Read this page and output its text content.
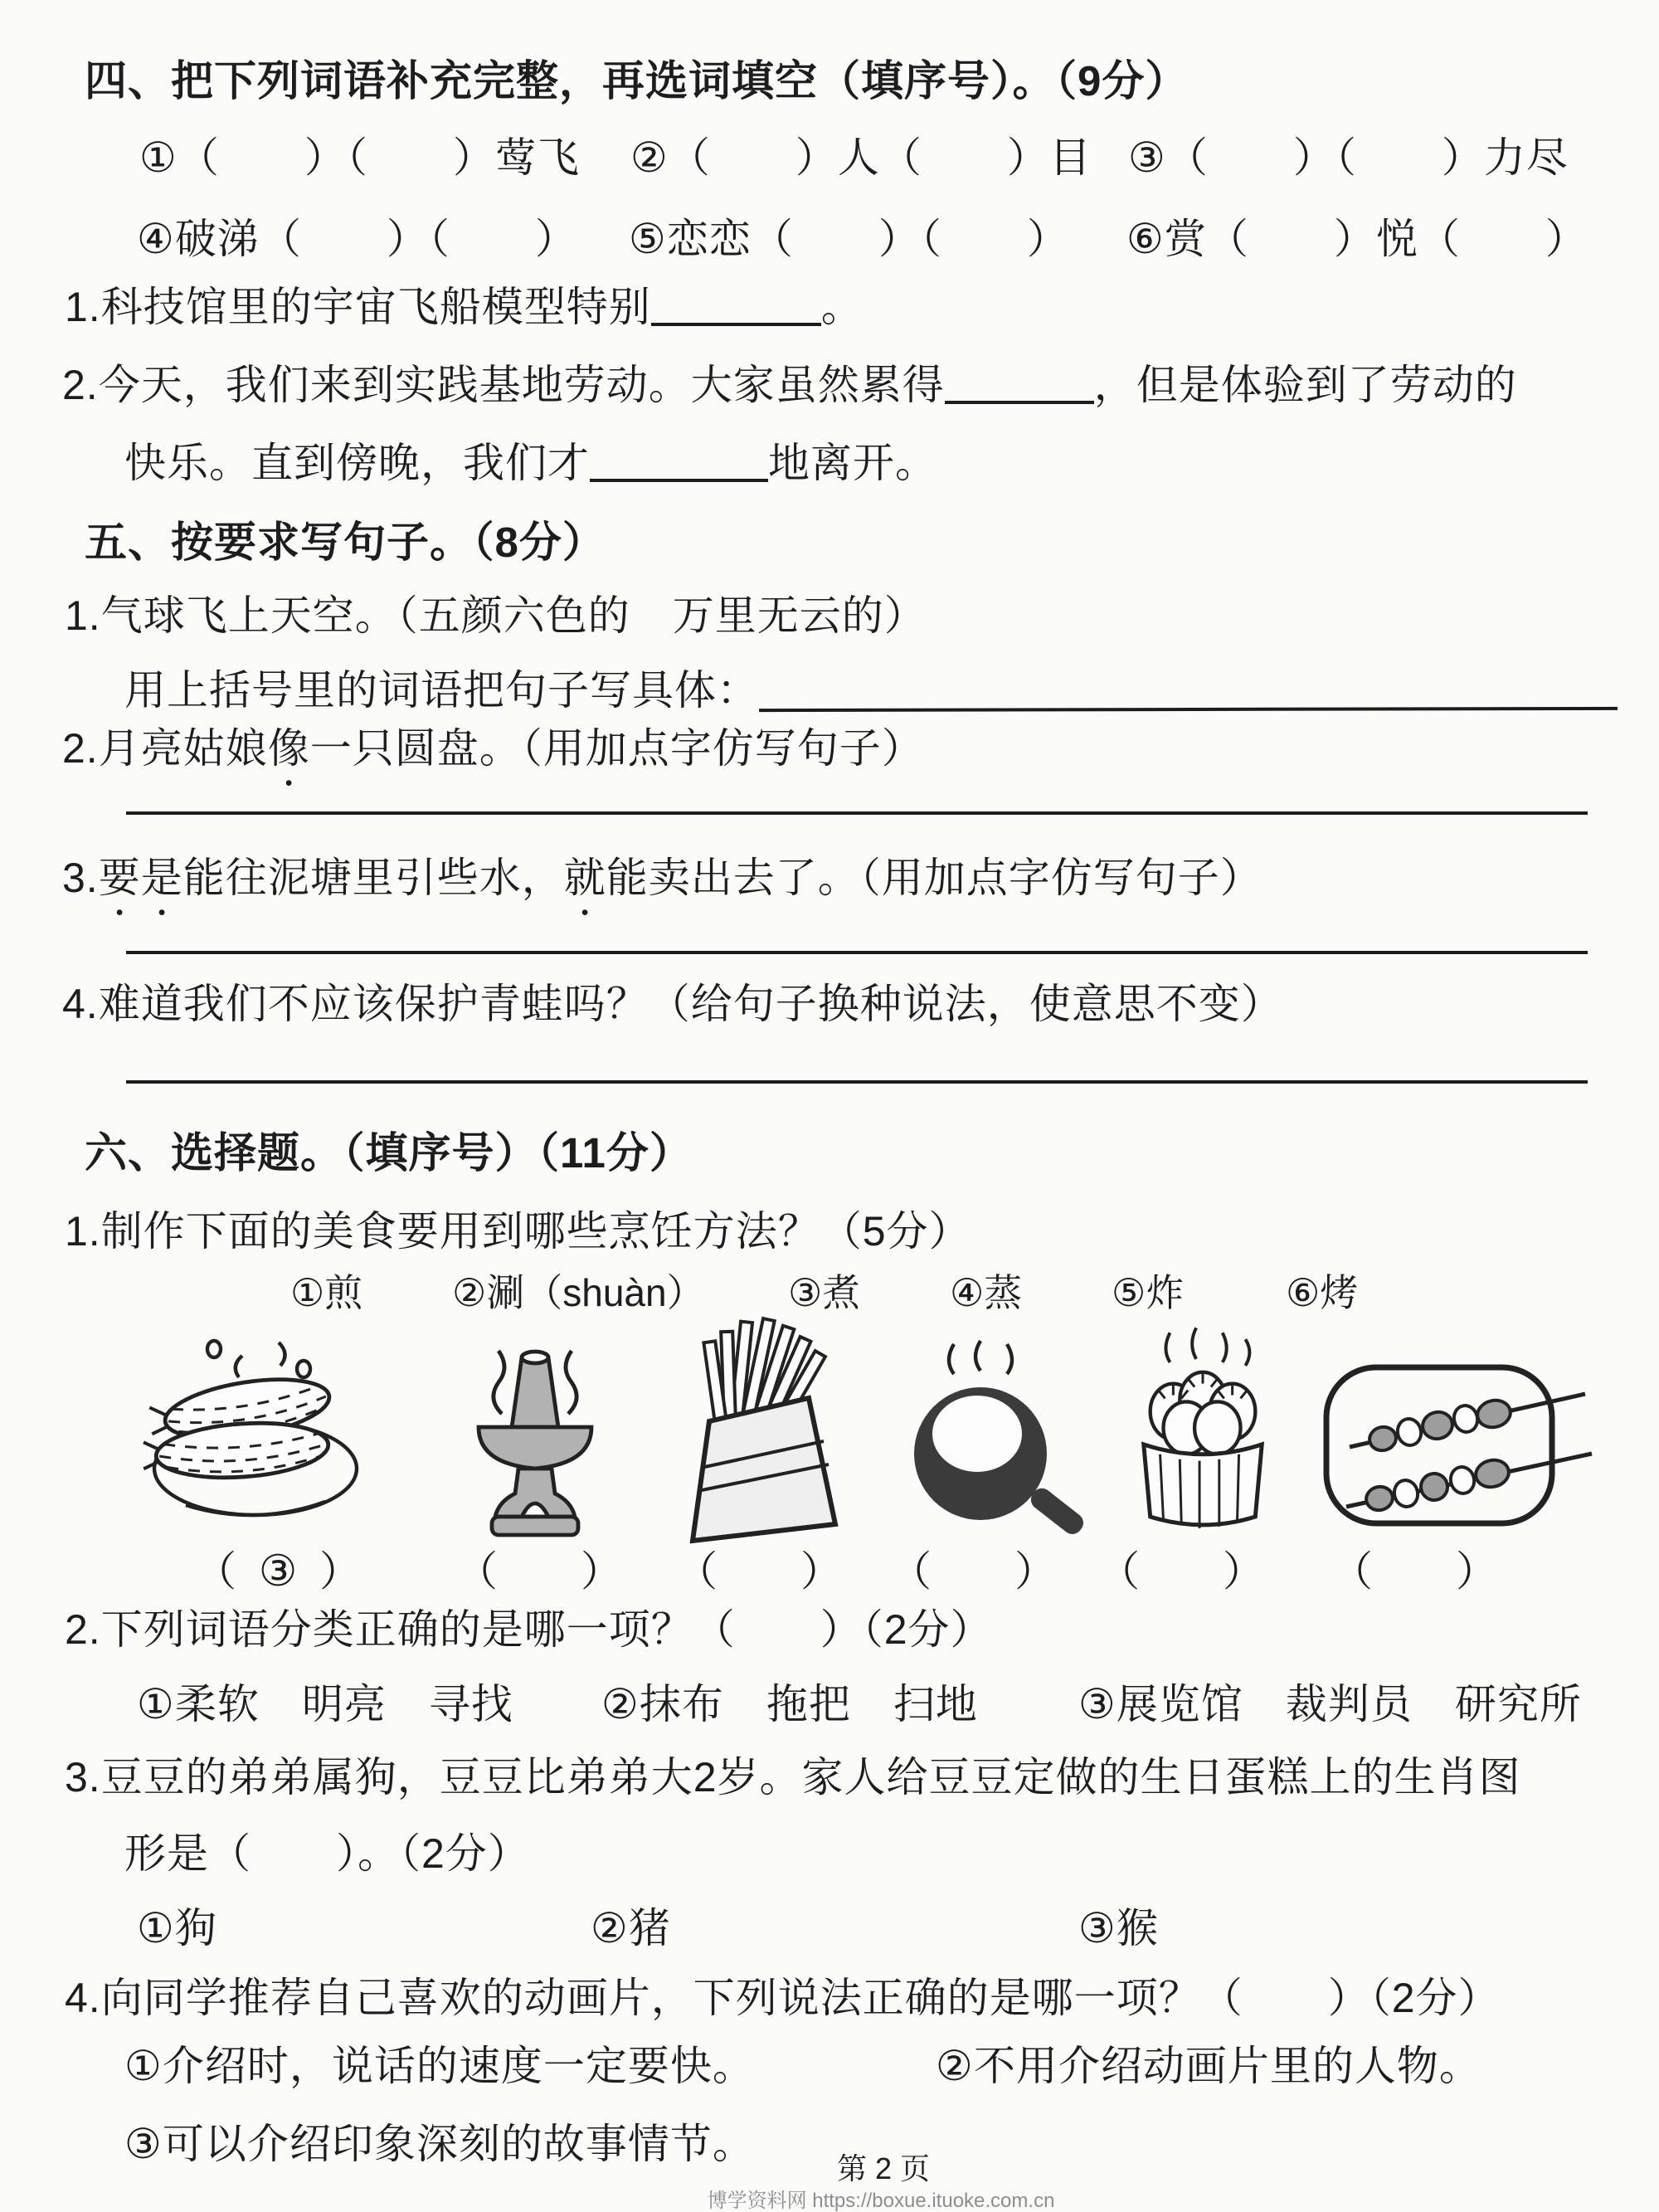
四、把下列词语补充完整，再选词填空（填序号）。（9分）
①（　　）（　　）莺飞 ②（　　）人（　　）目 ③（　　）（　　）力尽
④破涕（　　）（　　） ⑤恋恋（　　）（　　） ⑥赏（　　）悦（　　）
1.科技馆里的宇宙飞船模型特别	。
2.今天，我们来到实践基地劳动。大家虽然累得	，但是体验到了劳动的
快乐。直到傍晚，我们才	地离开。
五、按要求写句子。（8分）
1.气球飞上天空。（五颜六色的　万里无云的）
用上括号里的词语把句子写具体：
2.月亮姑娘像一只圆盘。（用加点字仿写句子）
3.要是能往泥塘里引些水，就能卖出去了。（用加点字仿写句子）
4.难道我们不应该保护青蛙吗？（给句子换种说法，使意思不变）
六、选择题。（填序号）（11分）
1.制作下面的美食要用到哪些烹饪方法？（5分）
①煎 ②涮（shuàn） ③煮 ④蒸 ⑤炸	⑥烤
（ ③ ） （ ） （ ） （ ） （ ） （ ）
2.下列词语分类正确的是哪一项？（　　）（2分）
①柔软　明亮　寻找 ②抹布　拖把　扫地 ③展览馆　裁判员　研究所
3.豆豆的弟弟属狗，豆豆比弟弟大2岁。家人给豆豆定做的生日蛋糕上的生肖图
形是（　　）。（2分）
①狗	②猪	③猴
4.向同学推荐自己喜欢的动画片，下列说法正确的是哪一项？（　　）（2分）
①介绍时，说话的速度一定要快。	②不用介绍动画片里的人物。
③可以介绍印象深刻的故事情节。
第 2 页
博学资料网 https://boxue.ituoke.com.cn
